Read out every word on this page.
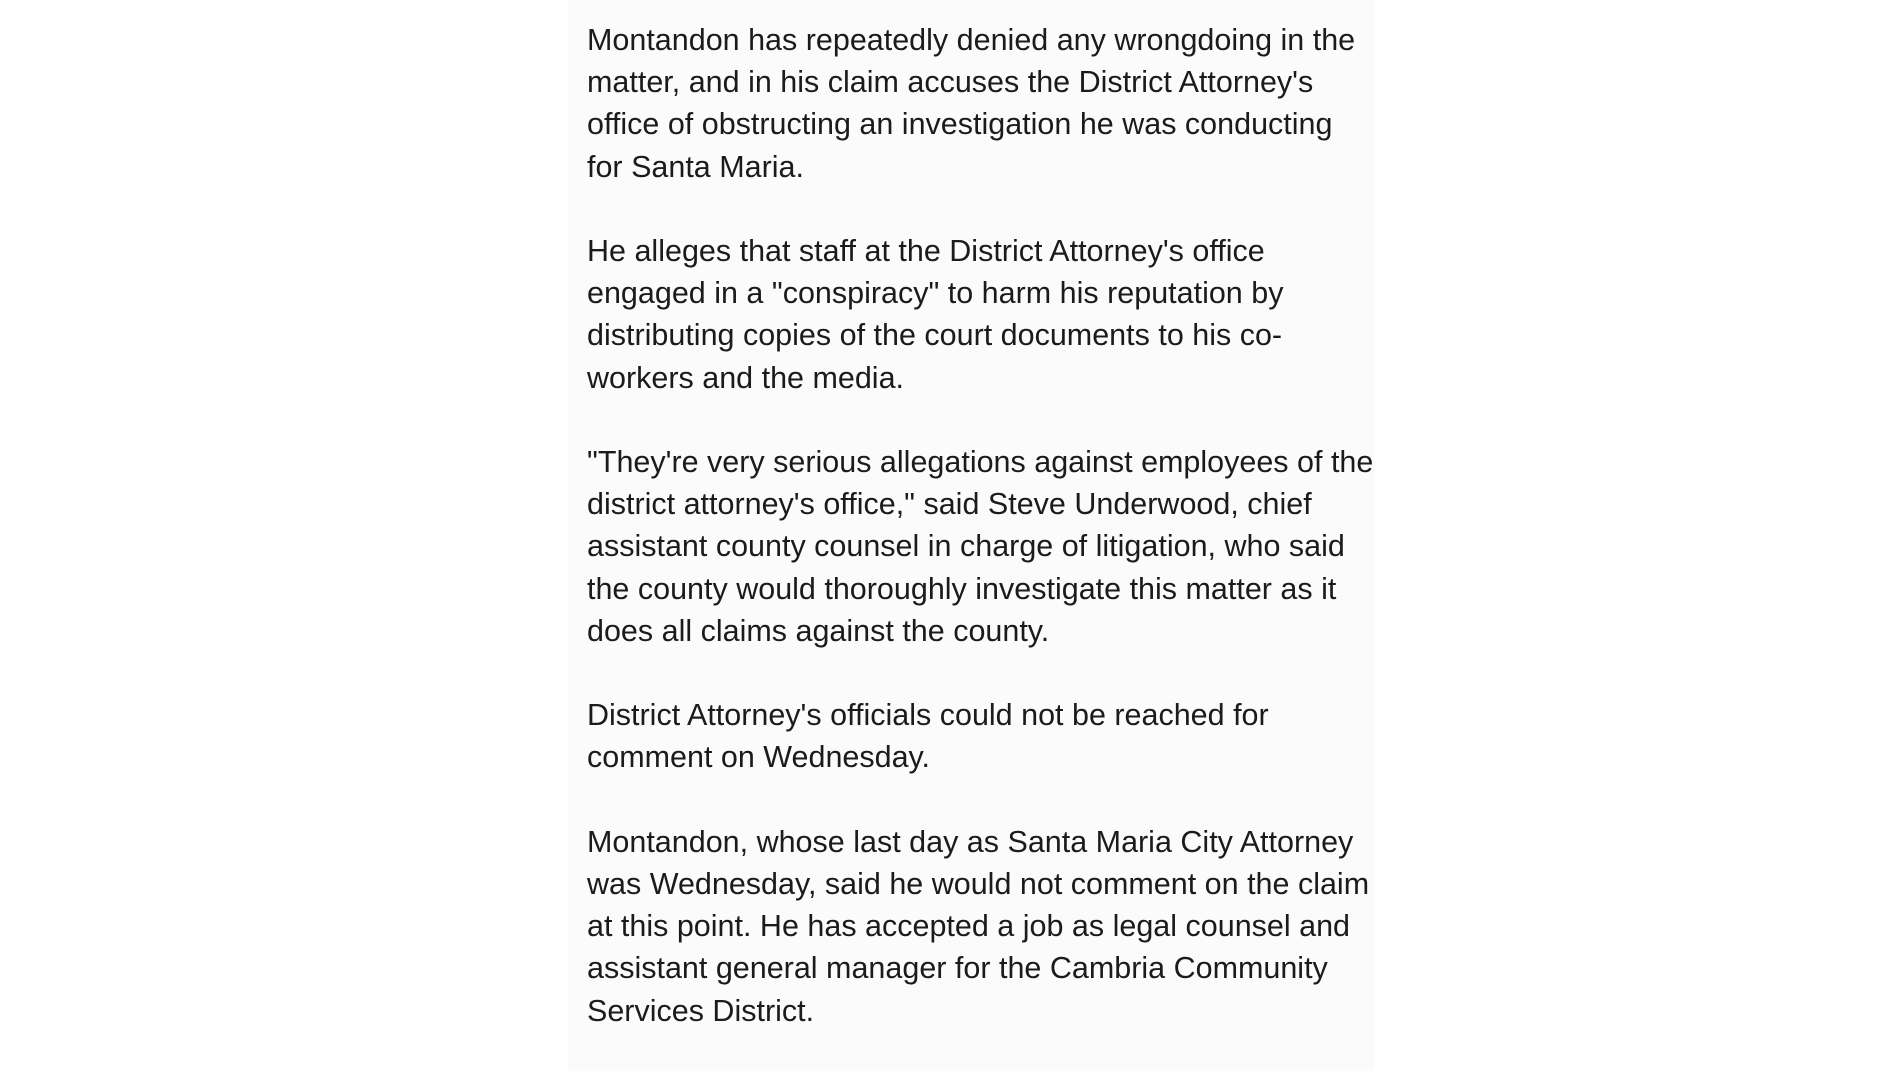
Montandon has repeatedly denied any wrongdoing in the
matter, and in his claim accuses the District Attorney's
office of obstructing an investigation he was conducting
for Santa Maria.

He alleges that staff at the District Attorney's office
engaged in a "conspiracy" to harm his reputation by
distributing copies of the court documents to his co-
workers and the media.

"They're very serious allegations against employees of the
district attorney's office," said Steve Underwood, chief
assistant county counsel in charge of litigation, who said
the county would thoroughly investigate this matter as it
does all claims against the county.

District Attorney's officials could not be reached for
comment on Wednesday.

Montandon, whose last day as Santa Maria City Attorney
was Wednesday, said he would not comment on the claim
at this point. He has accepted a job as legal counsel and
assistant general manager for the Cambria Community
Services District.
